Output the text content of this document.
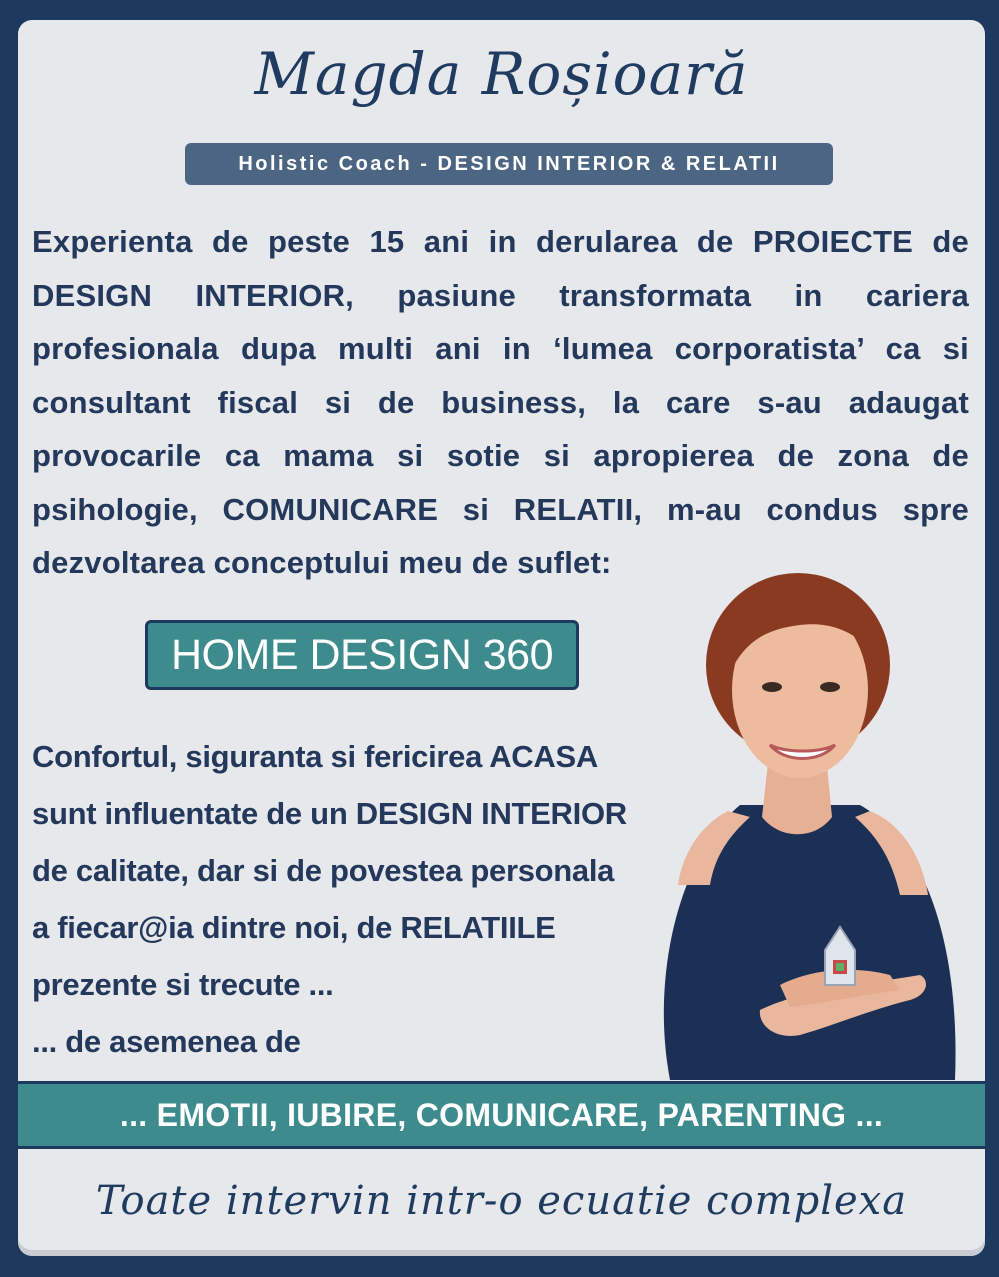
Magda Roșioară
Holistic Coach - DESIGN INTERIOR & RELATII
Experienta de peste 15 ani in derularea de PROIECTE de DESIGN INTERIOR, pasiune transformata in cariera profesionala dupa multi ani in ‘lumea corporatista’ ca si consultant fiscal si de business, la care s-au adaugat provocarile ca mama si sotie si apropierea de zona de psihologie, COMUNICARE si RELATII, m-au condus spre dezvoltarea conceptului meu de suflet:
HOME DESIGN 360
Confortul, siguranta si fericirea ACASA
sunt influentate de un DESIGN INTERIOR
de calitate, dar si de povestea personala
a fiecar@ia dintre noi, de RELATIILE
prezente si trecute ...
... de asemenea de
... EMOTII, IUBIRE, COMUNICARE, PARENTING ...
Toate intervin intr-o ecuatie complexa
